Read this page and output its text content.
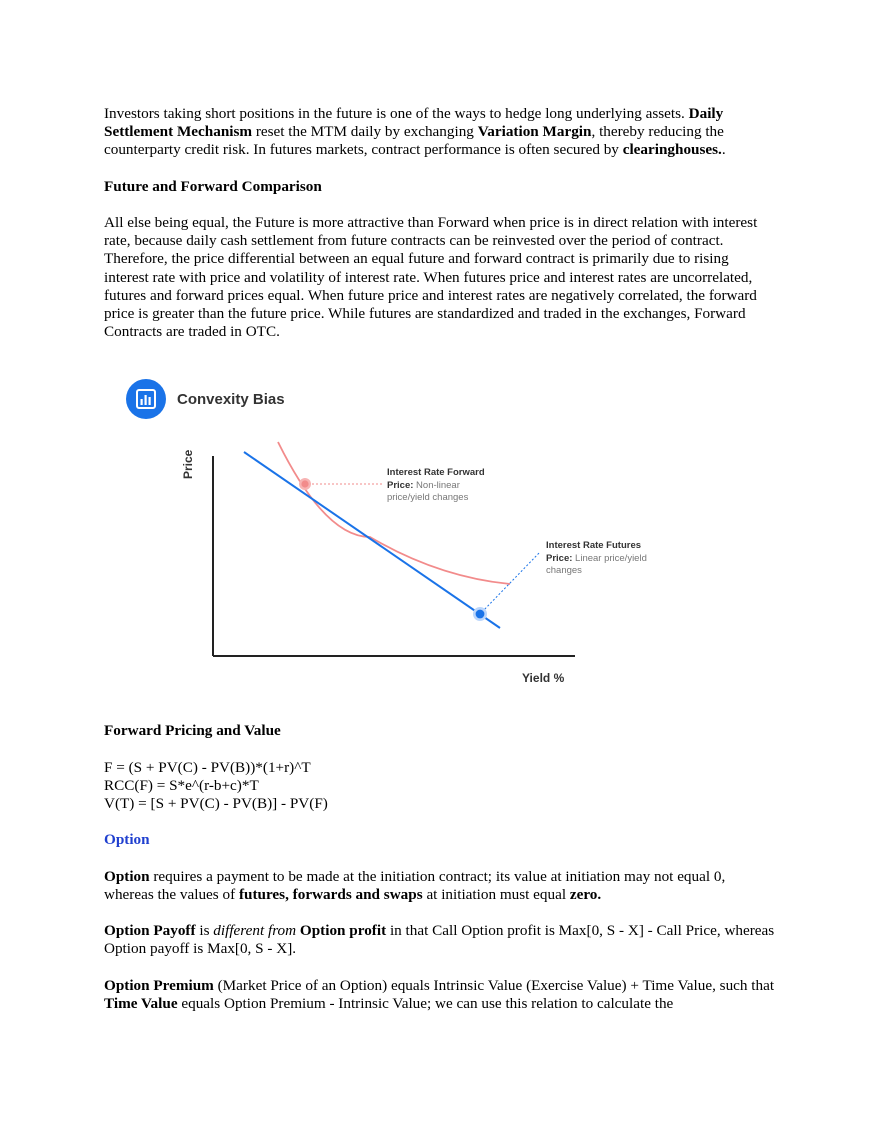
Investors taking short positions in the future is one of the ways to hedge long underlying assets. Daily Settlement Mechanism reset the MTM daily by exchanging Variation Margin, thereby reducing the counterparty credit risk. In futures markets, contract performance is often secured by clearinghouses..

Future and Forward Comparison

All else being equal, the Future is more attractive than Forward when price is in direct relation with interest rate, because daily cash settlement from future contracts can be reinvested over the period of contract. Therefore, the price differential between an equal future and forward contract is primarily due to rising interest rate with price and volatility of interest rate. When futures price and interest rates are uncorrelated, futures and forward prices equal. When future price and interest rates are negatively correlated, the forward price is greater than the future price. While futures are standardized and traded in the exchanges, Forward Contracts are traded in OTC.

Convexity Bias
Price
Yield %
Interest Rate Forward
Price: Non-linear
price/yield changes
Interest Rate Futures
Price: Linear price/yield
changes

Forward Pricing and Value

F = (S + PV(C) - PV(B))*(1+r)^T

RCC(F) = S*e^(r-b+c)*T

V(T) = [S + PV(C) - PV(B)] - PV(F)

Option

Option requires a payment to be made at the initiation contract; its value at initiation may not equal 0, whereas the values of futures, forwards and swaps at initiation must equal zero.

Option Payoff is different from Option profit in that Call Option profit is Max[0, S - X] - Call Price, whereas Option payoff is Max[0, S - X].

Option Premium (Market Price of an Option) equals Intrinsic Value (Exercise Value) + Time Value, such that Time Value equals Option Premium - Intrinsic Value; we can use this relation to calculate the
